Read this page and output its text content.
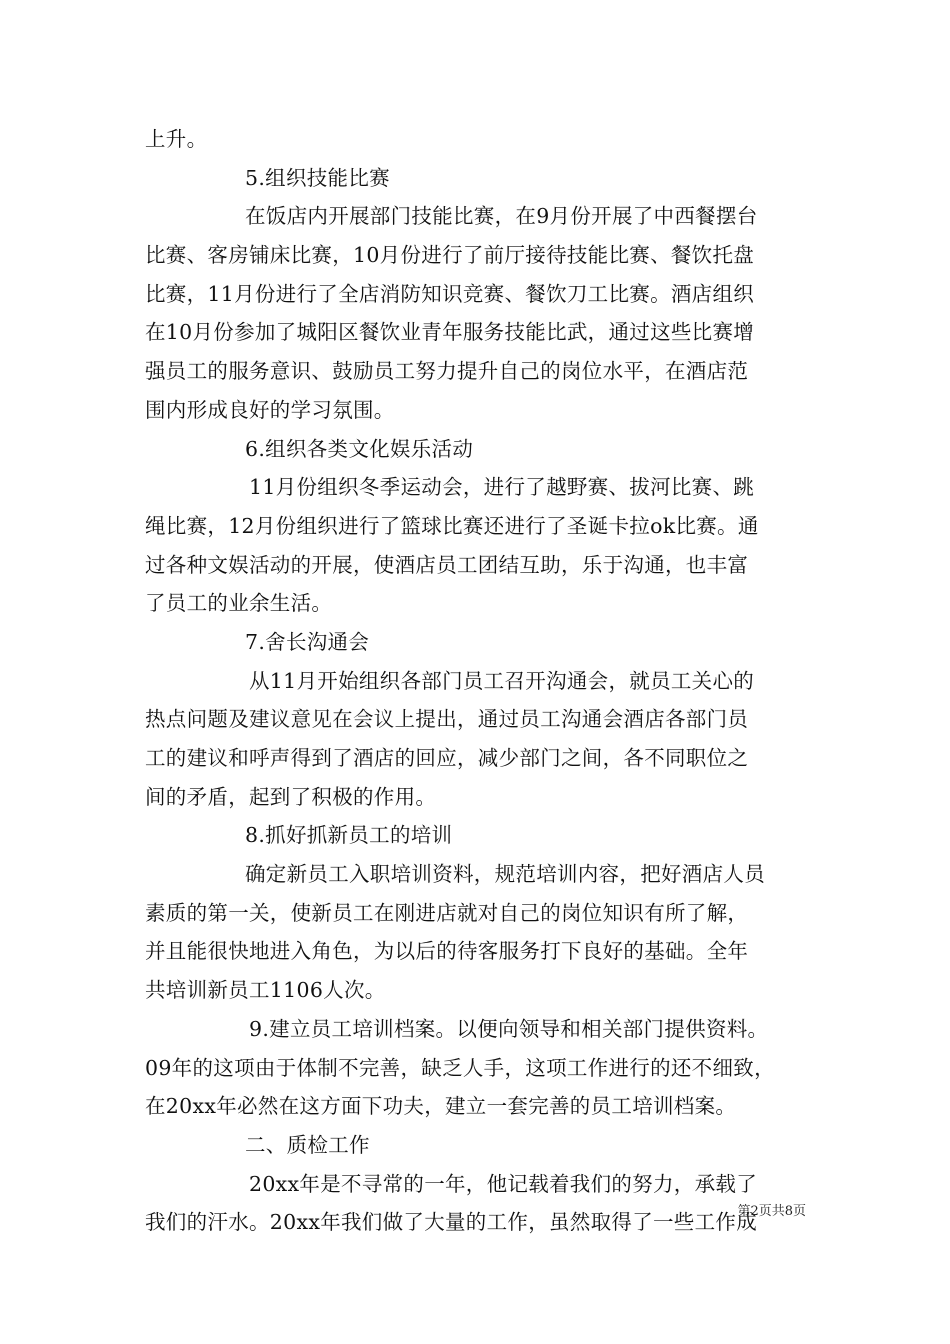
上升。
5.组织技能比赛
在饭店内开展部门技能比赛，在9月份开展了中西餐摆台
比赛、客房铺床比赛，10月份进行了前厅接待技能比赛、餐饮托盘
比赛，11月份进行了全店消防知识竞赛、餐饮刀工比赛。酒店组织
在10月份参加了城阳区餐饮业青年服务技能比武，通过这些比赛增
强员工的服务意识、鼓励员工努力提升自己的岗位水平，在酒店范
围内形成良好的学习氛围。
6.组织各类文化娱乐活动
11月份组织冬季运动会，进行了越野赛、拔河比赛、跳
绳比赛，12月份组织进行了篮球比赛还进行了圣诞卡拉ok比赛。通
过各种文娱活动的开展，使酒店员工团结互助，乐于沟通，也丰富
了员工的业余生活。
7.舍长沟通会
从11月开始组织各部门员工召开沟通会，就员工关心的
热点问题及建议意见在会议上提出，通过员工沟通会酒店各部门员
工的建议和呼声得到了酒店的回应，减少部门之间，各不同职位之
间的矛盾，起到了积极的作用。
8.抓好抓新员工的培训
确定新员工入职培训资料，规范培训内容，把好酒店人员
素质的第一关，使新员工在刚进店就对自己的岗位知识有所了解，
并且能很快地进入角色，为以后的待客服务打下良好的基础。全年
共培训新员工1106人次。
9.建立员工培训档案。以便向领导和相关部门提供资料。
09年的这项由于体制不完善，缺乏人手，这项工作进行的还不细致，
在20xx年必然在这方面下功夫，建立一套完善的员工培训档案。
二、质检工作
20xx年是不寻常的一年，他记载着我们的努力，承载了
我们的汗水。20xx年我们做了大量的工作，虽然取得了一些工作成
第2页共8页
